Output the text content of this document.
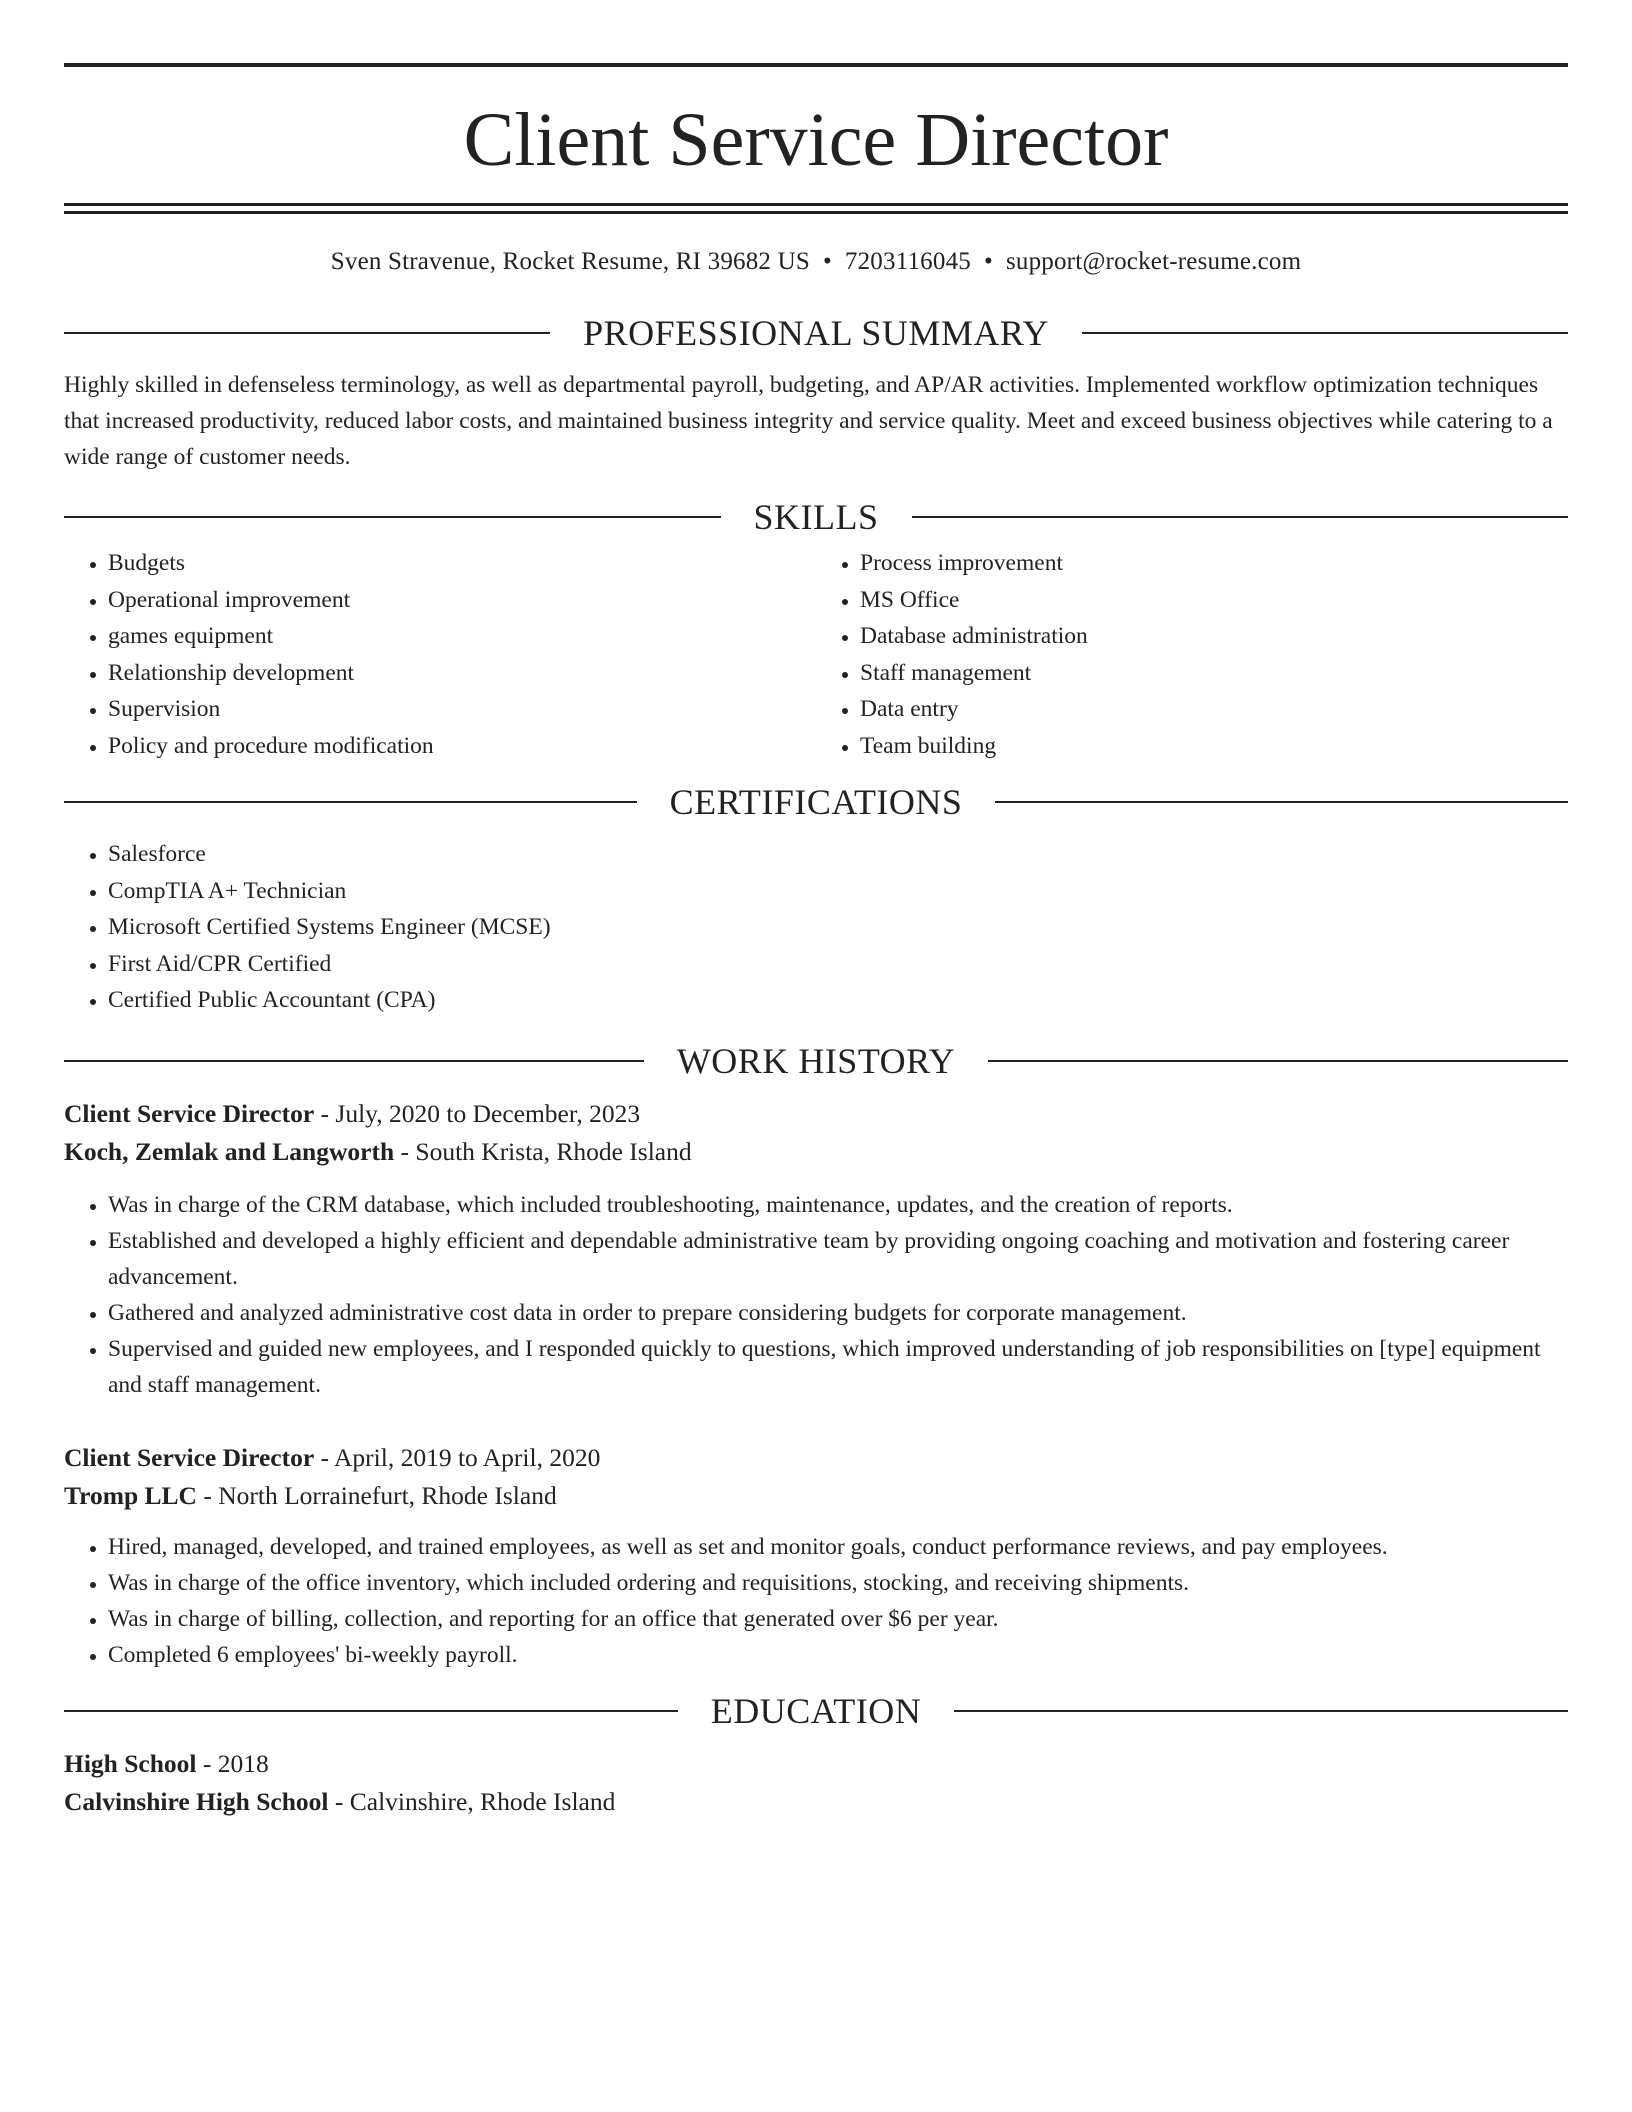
Client Service Director
Sven Stravenue, Rocket Resume, RI 39682 US • 7203116045 • support@rocket-resume.com
PROFESSIONAL SUMMARY

Highly skilled in defenseless terminology, as well as departmental payroll, budgeting, and AP/AR activities. Implemented workflow optimization techniques that increased productivity, reduced labor costs, and maintained business integrity and service quality. Meet and exceed business objectives while catering to a wide range of customer needs.

SKILLS
• Budgets
• Operational improvement
• games equipment
• Relationship development
• Supervision
• Policy and procedure modification
• Process improvement
• MS Office
• Database administration
• Staff management
• Data entry
• Team building
CERTIFICATIONS
• Salesforce
• CompTIA A+ Technician
• Microsoft Certified Systems Engineer (MCSE)
• First Aid/CPR Certified
• Certified Public Accountant (CPA)
WORK HISTORY
Client Service Director - July, 2020 to December, 2023
Koch, Zemlak and Langworth - South Krista, Rhode Island
• Was in charge of the CRM database, which included troubleshooting, maintenance, updates, and the creation of reports.
• Established and developed a highly efficient and dependable administrative team by providing ongoing coaching and motivation and fostering career advancement.
• Gathered and analyzed administrative cost data in order to prepare considering budgets for corporate management.
• Supervised and guided new employees, and I responded quickly to questions, which improved understanding of job responsibilities on [type] equipment and staff management.
Client Service Director - April, 2019 to April, 2020
Tromp LLC - North Lorrainefurt, Rhode Island
• Hired, managed, developed, and trained employees, as well as set and monitor goals, conduct performance reviews, and pay employees.
• Was in charge of the office inventory, which included ordering and requisitions, stocking, and receiving shipments.
• Was in charge of billing, collection, and reporting for an office that generated over $6 per year.
• Completed 6 employees' bi-weekly payroll.
EDUCATION
High School - 2018
Calvinshire High School - Calvinshire, Rhode Island
